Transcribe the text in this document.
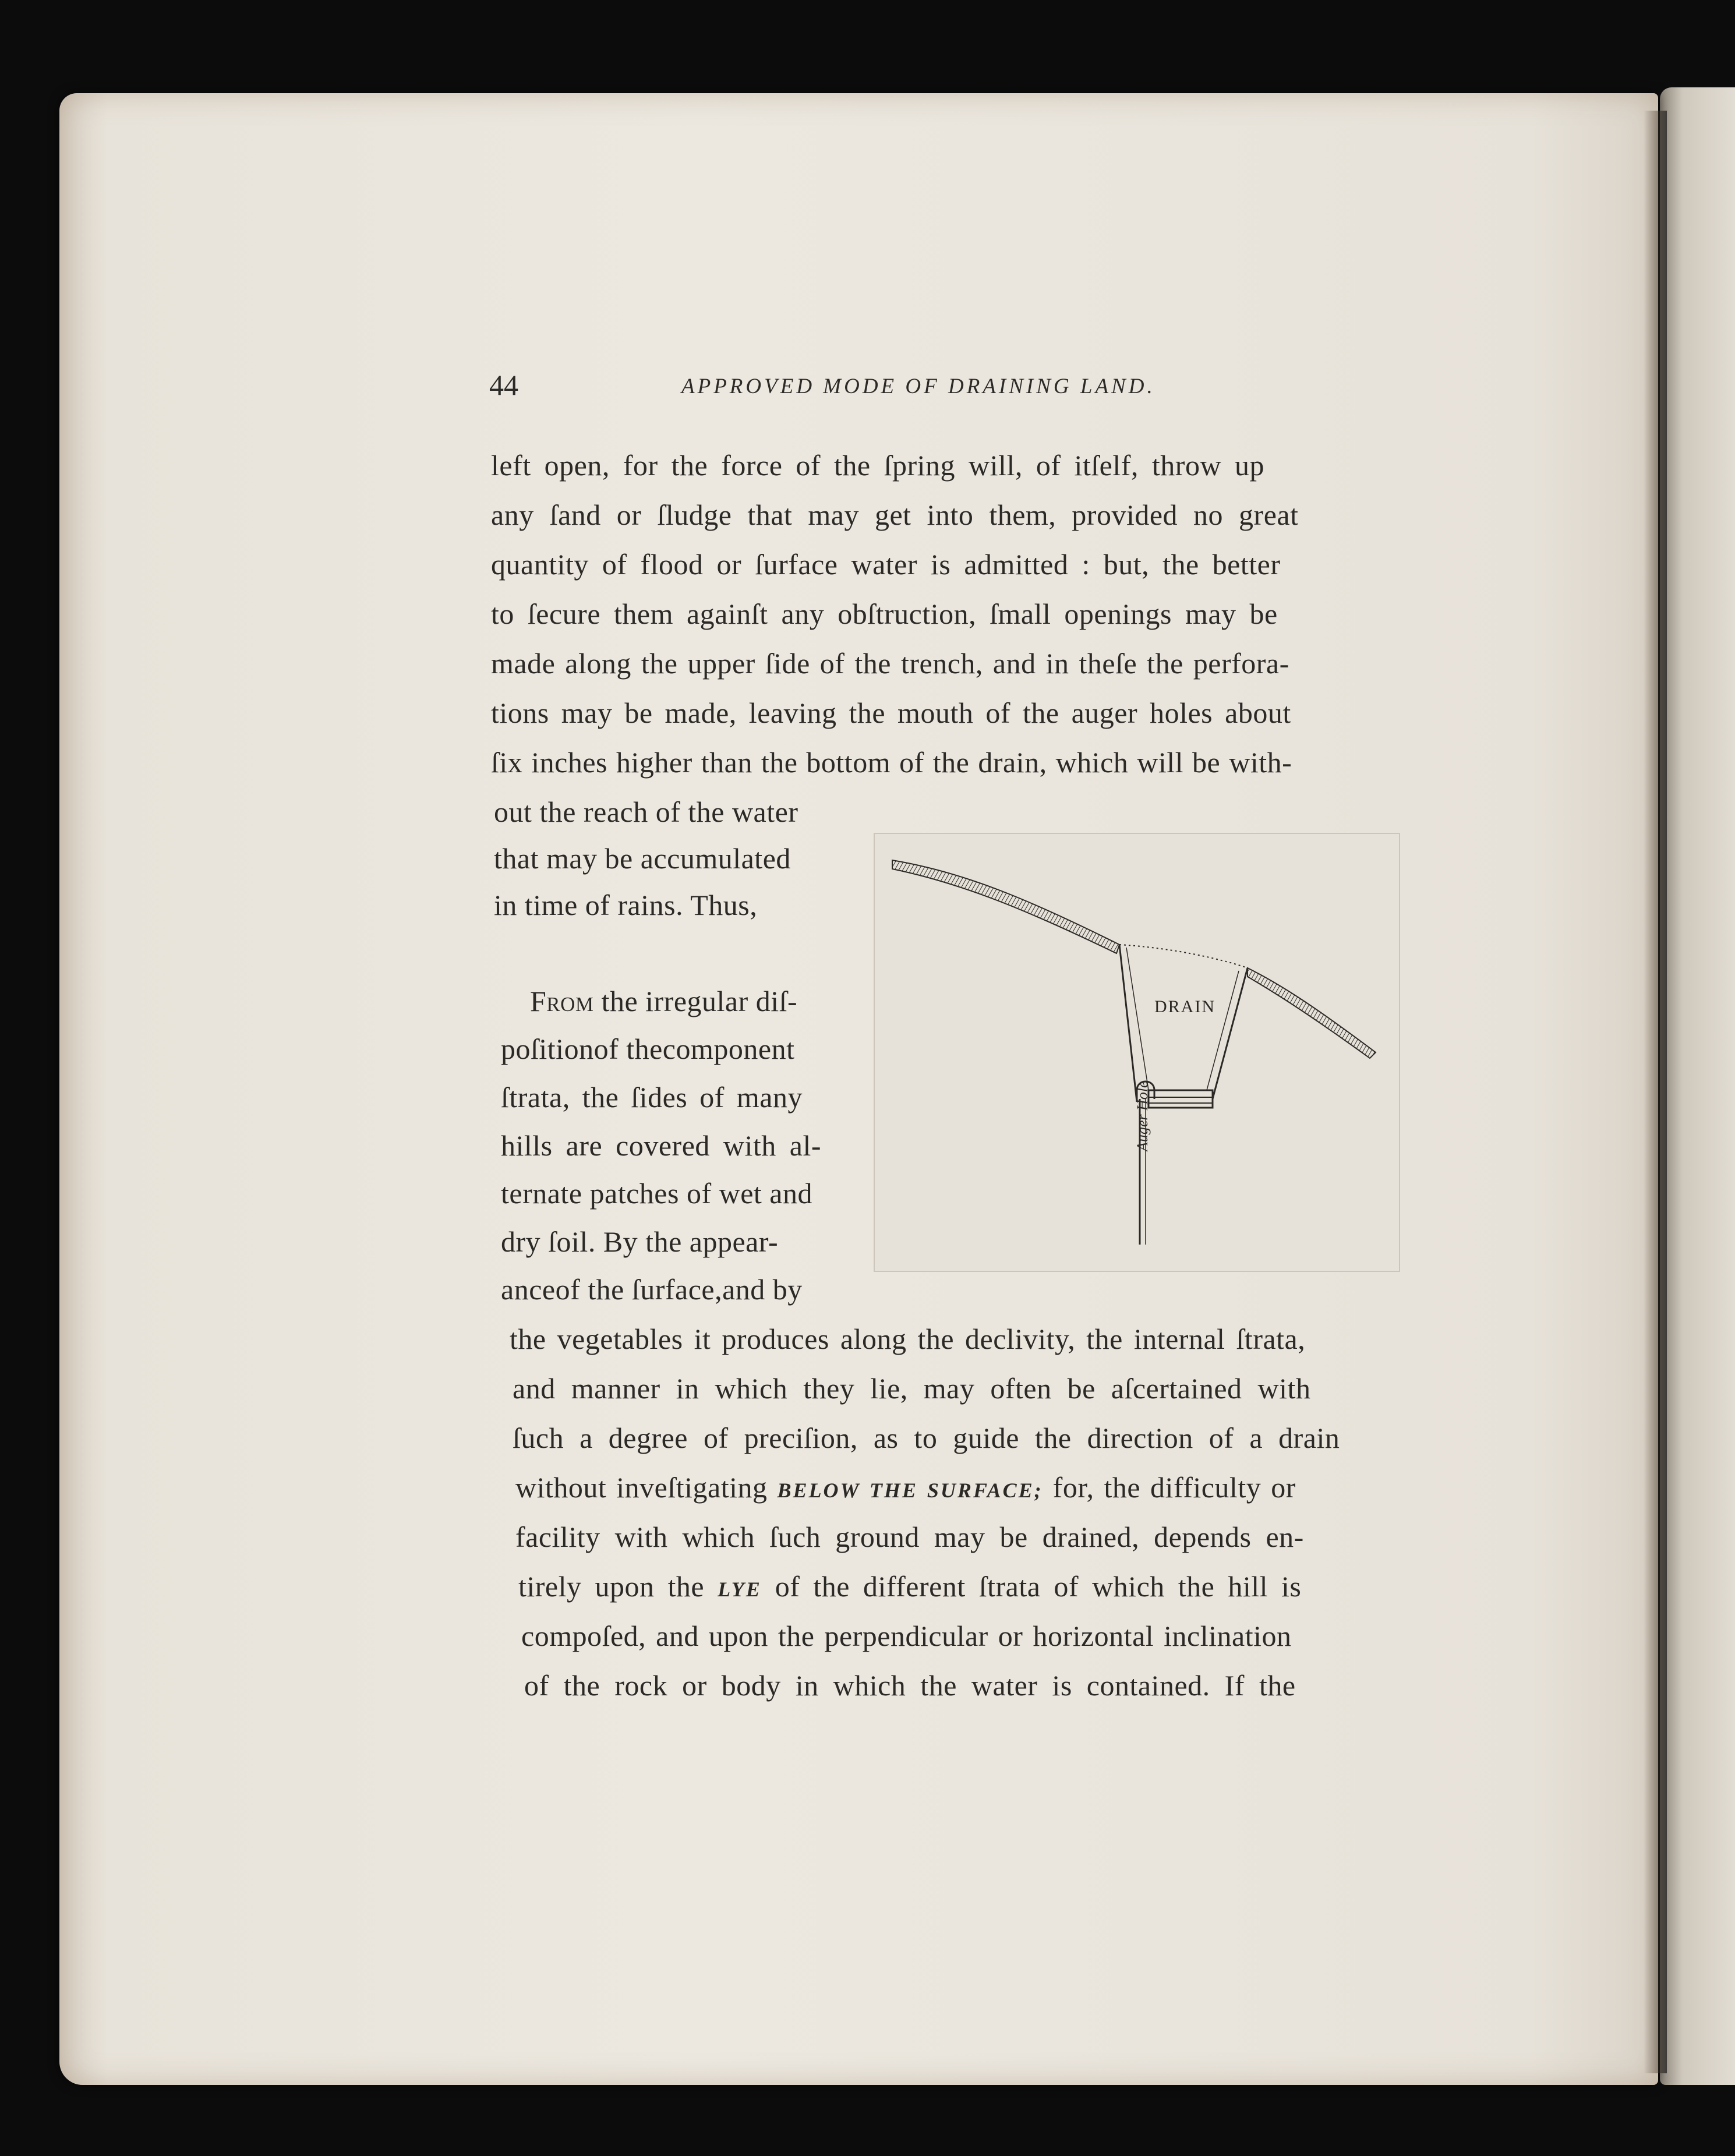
44	APPROVED MODE OF DRAINING LAND.
left open, for the force of the ſpring will, of itſelf, throw up
any ſand or ſludge that may get into them, provided no great
quantity of flood or ſurface water is admitted : but, the better
to ſecure them againſt any obſtruction, ſmall openings may be
made along the upper ſide of the trench, and in theſe the perfora-
tions may be made, leaving the mouth of the auger holes about
ſix inches higher than the bottom of the drain, which will be with-
out the reach of the water
that may be accumulated
in time of rains. Thus,
From the irregular diſ-
poſitionof thecomponent
ſtrata, the ſides of many
hills are covered with al-
ternate patches of wet and
dry ſoil. By the appear-
anceof the ſurface,and by
the vegetables it produces along the declivity, the internal ſtrata,
and manner in which they lie, may often be aſcertained with
ſuch a degree of preciſion, as to guide the direction of a drain
without inveſtigating BELOW THE SURFACE; for, the difficulty or
facility with which ſuch ground may be drained, depends en-
tirely upon the LYE of the different ſtrata of which the hill is
compoſed, and upon the perpendicular or horizontal inclination
of the rock or body in which the water is contained. If the
DRAIN
Auger Hole
